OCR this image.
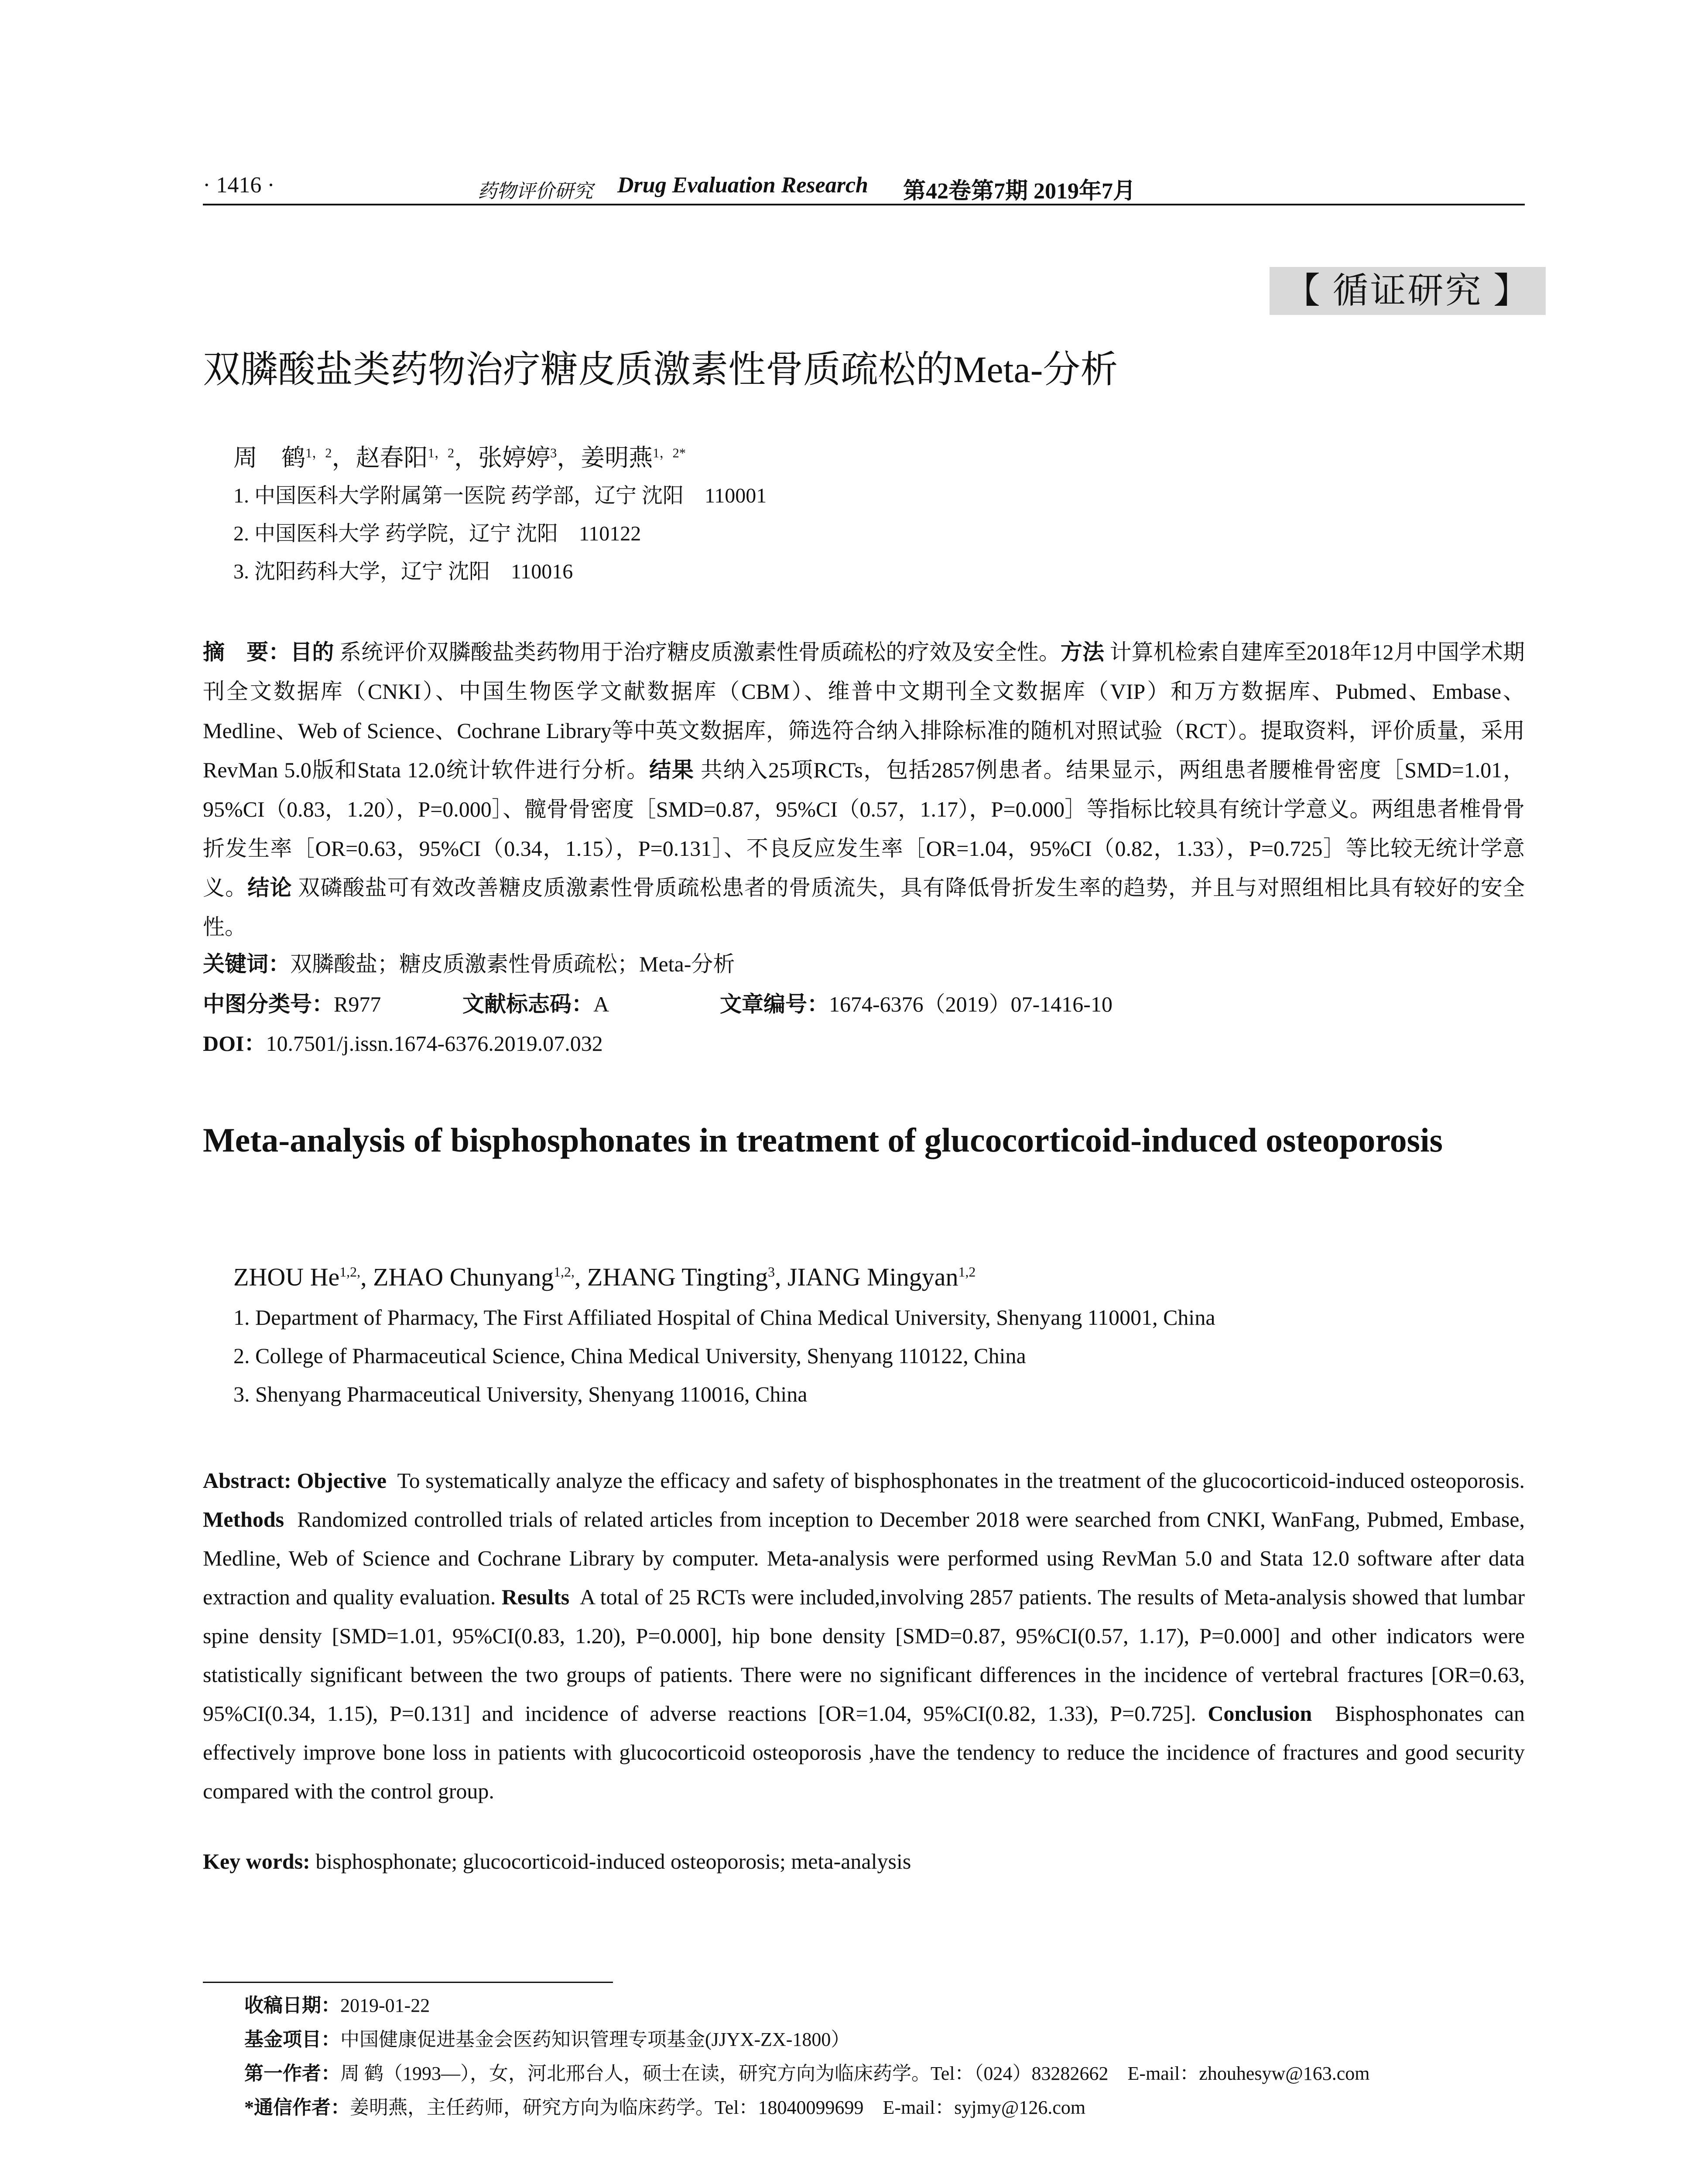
· 1416 ·	药物评价研究 Drug Evaluation Research 第42卷第7期 2019年7月
【 循证研究 】
双膦酸盐类药物治疗糖皮质激素性骨质疏松的Meta-分析
周　鹤$^{1,2}$，赵春阳$^{1,2}$，张婷婷$^3$，姜明燕$^{1,2*}$
1. 中国医科大学附属第一医院 药学部，辽宁 沈阳　110001
2. 中国医科大学 药学院，辽宁 沈阳　110122
3. 沈阳药科大学，辽宁 沈阳　110016
摘　要：目的 系统评价双膦酸盐类药物用于治疗糖皮质激素性骨质疏松的疗效及安全性。方法 计算机检索自建库至2018年12月中国学术期刊全文数据库（CNKI）、中国生物医学文献数据库（CBM）、维普中文期刊全文数据库（VIP）和万方数据库、Pubmed、Embase、Medline、Web of Science、Cochrane Library等中英文数据库，筛选符合纳入排除标准的随机对照试验（RCT）。提取资料，评价质量，采用RevMan 5.0版和Stata 12.0统计软件进行分析。结果 共纳入25项RCTs，包括2857例患者。结果显示，两组患者腰椎骨密度［SMD=1.01，95%CI（0.83，1.20），P=0.000］、髋骨骨密度［SMD=0.87，95%CI（0.57，1.17），P=0.000］等指标比较具有统计学意义。两组患者椎骨骨折发生率［OR=0.63，95%CI（0.34，1.15），P=0.131］、不良反应发生率［OR=1.04，95%CI（0.82，1.33），P=0.725］等比较无统计学意义。结论 双磷酸盐可有效改善糖皮质激素性骨质疏松患者的骨质流失，具有降低骨折发生率的趋势，并且与对照组相比具有较好的安全性。
关键词：双膦酸盐；糖皮质激素性骨质疏松；Meta-分析
中图分类号：R977	文献标志码：A	文章编号：1674-6376（2019）07-1416-10
DOI：10.7501/j.issn.1674-6376.2019.07.032
Meta-analysis of bisphosphonates in treatment of glucocorticoid-induced osteoporosis
ZHOU $He^{1,2,}$, ZHAO Chunyang$^{1,2,}$, ZHANG Tingting$^3$, JIANG Mingyan$^{1,2}$
1. Department of Pharmacy, The First Affiliated Hospital of China Medical University, Shenyang 110001, China
2. College of Pharmaceutical Science, China Medical University, Shenyang 110122, China
3. Shenyang Pharmaceutical University, Shenyang 110016, China
Abstract: Objective To systematically analyze the efficacy and safety of bisphosphonates in the treatment of the glucocorticoid-induced osteoporosis. Methods Randomized controlled trials of related articles from inception to December 2018 were searched from CNKI, WanFang, Pubmed, Embase, Medline, Web of Science and Cochrane Library by computer. Meta-analysis were performed using RevMan 5.0 and Stata 12.0 software after data extraction and quality evaluation. Results A total of 25 RCTs were included,involving 2857 patients. The results of Meta-analysis showed that lumbar spine density [SMD=1.01, 95%CI(0.83, 1.20), P=0.000], hip bone density [SMD=0.87, 95%CI(0.57, 1.17), P=0.000] and other indicators were statistically significant between the two groups of patients. There were no significant differences in the incidence of vertebral fractures [OR=0.63, 95%CI(0.34, 1.15), P=0.131] and incidence of adverse reactions [OR=1.04, 95%CI(0.82, 1.33), P=0.725]. Conclusion Bisphosphonates can effectively improve bone loss in patients with glucocorticoid osteoporosis ,have the tendency to reduce the incidence of fractures and good security compared with the control group.
Key words: bisphosphonate; glucocorticoid-induced osteoporosis; meta-analysis
收稿日期：2019-01-22
基金项目：中国健康促进基金会医药知识管理专项基金(JJYX-ZX-1800）
第一作者：周 鹤（1993—），女，河北邢台人，硕士在读，研究方向为临床药学。Tel：（024）83282662　E-mail：zhouhesyw@163.com
*通信作者：姜明燕，主任药师，研究方向为临床药学。Tel：18040099699　E-mail：syjmy@126.com
